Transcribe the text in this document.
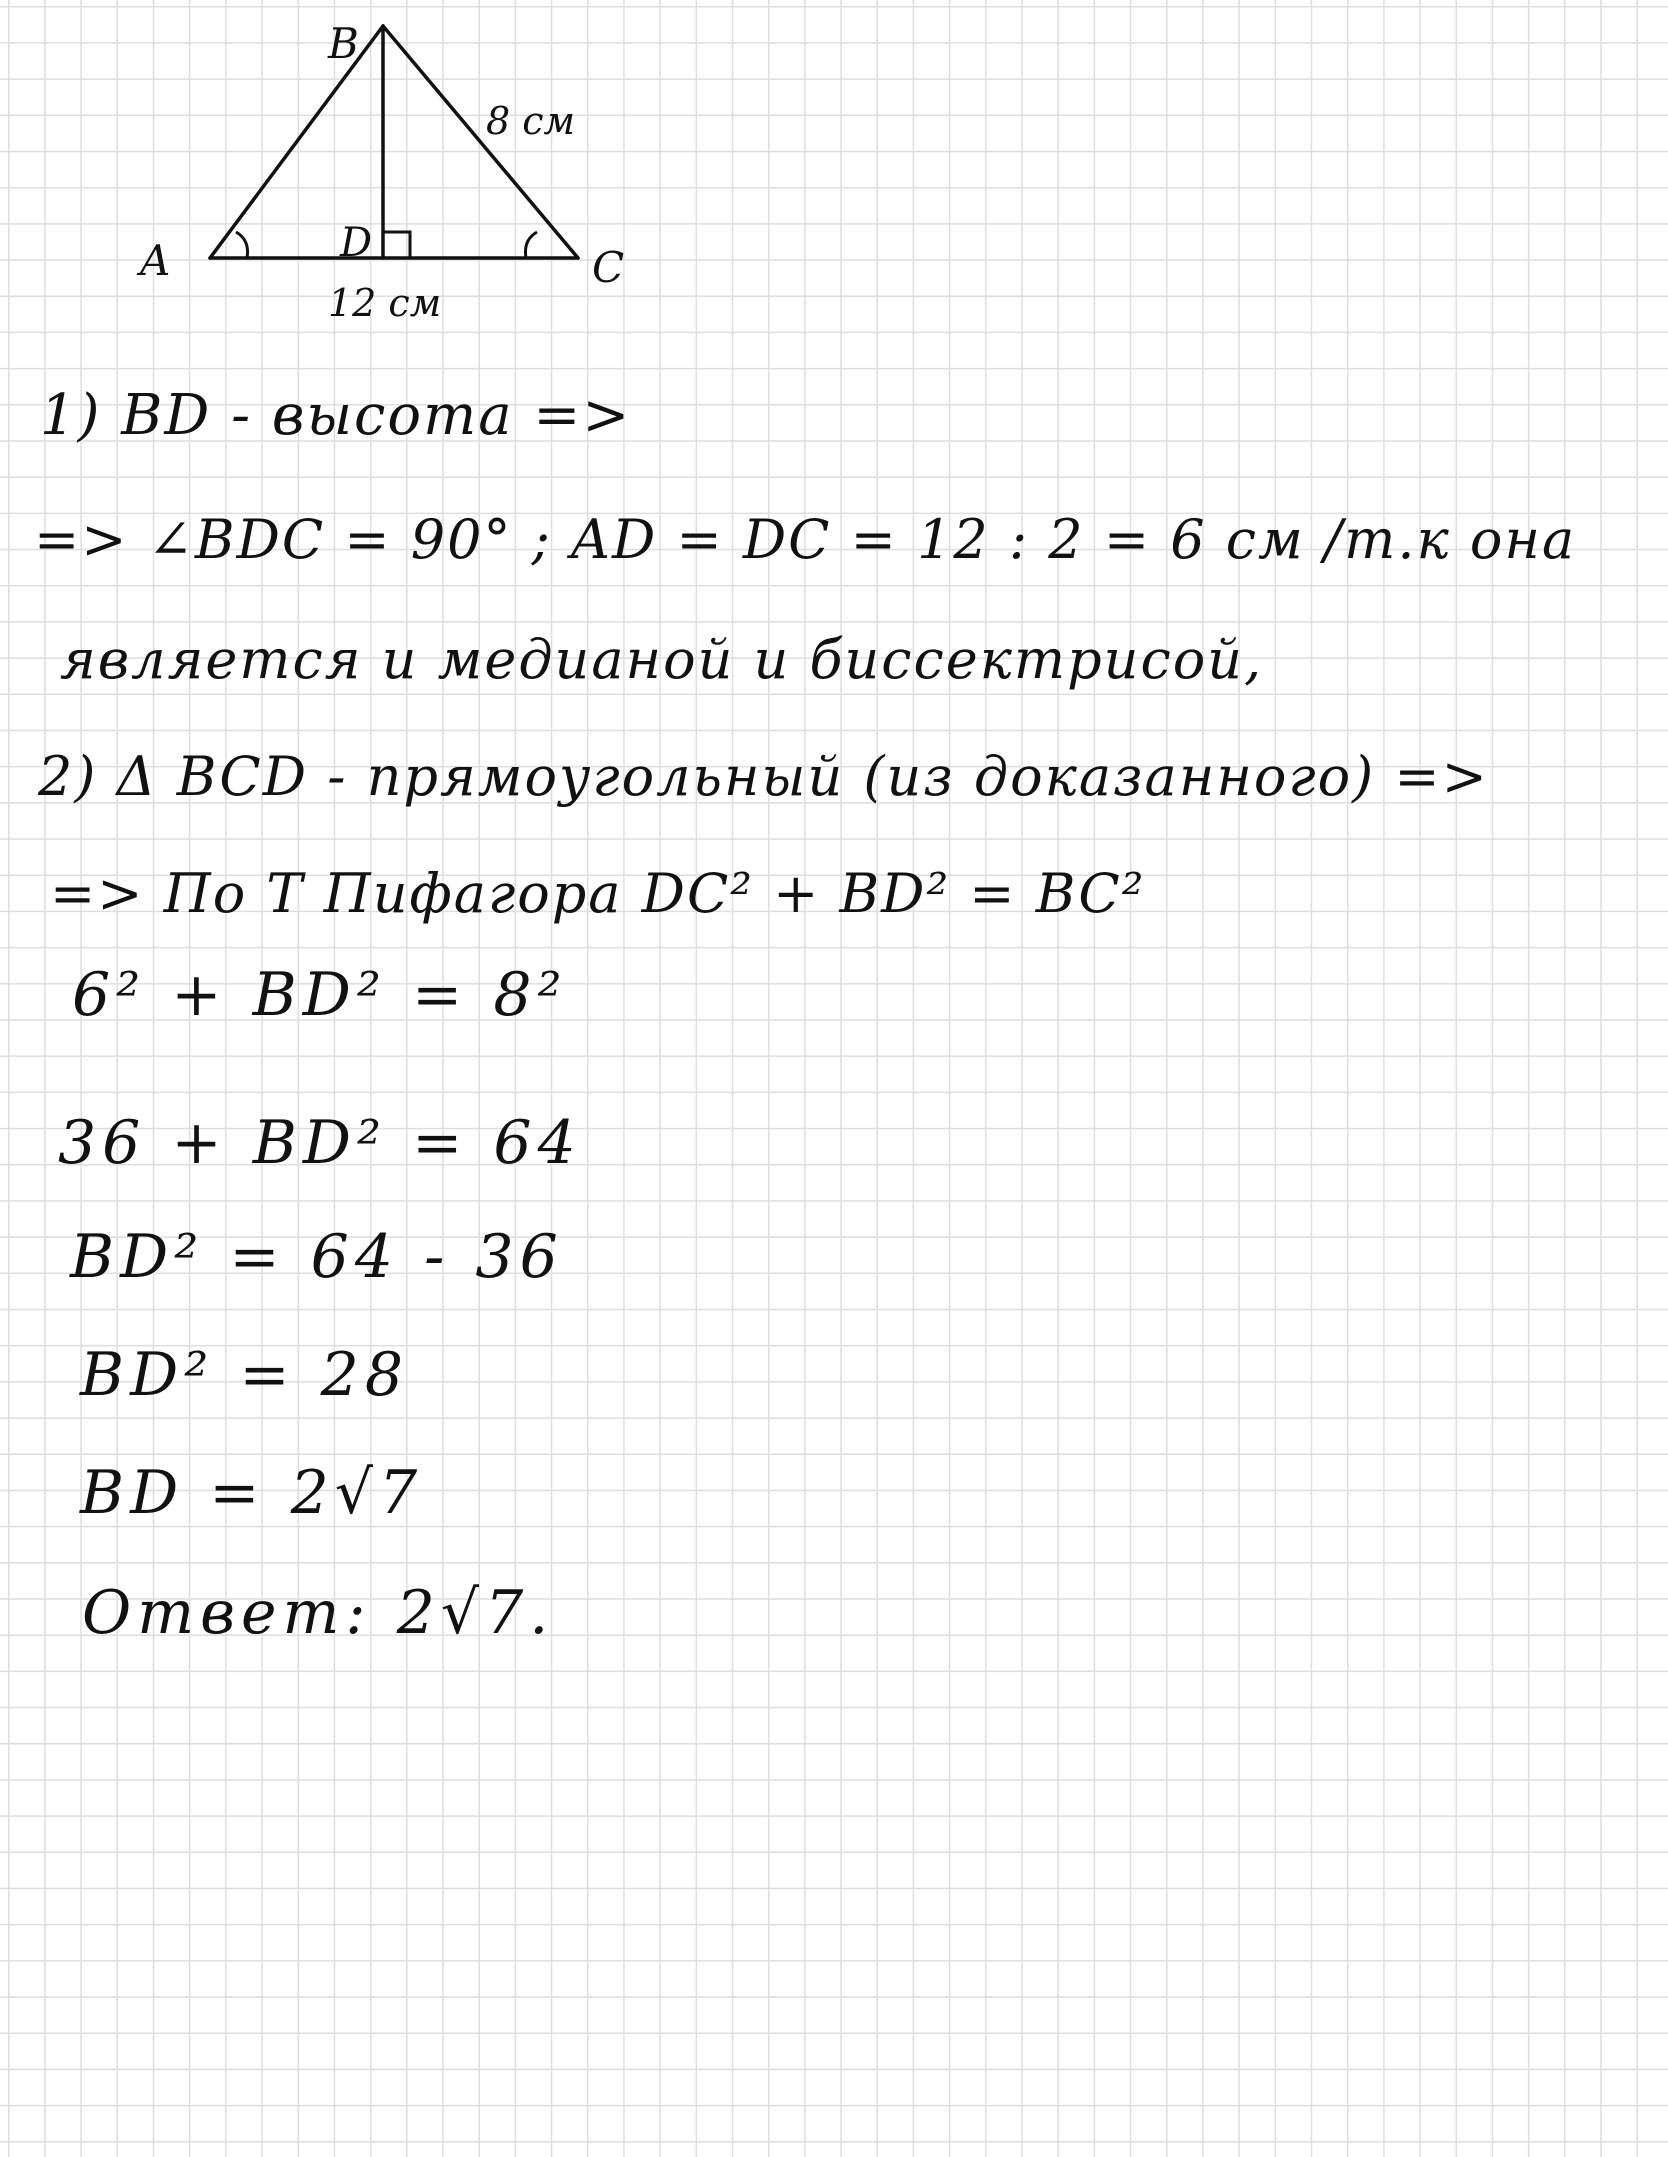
B
A	C
D
8 см
12 см
1) BD - высота =>
=> ∠BDC = 90° ; AD = DC = 12 : 2 = 6 см /т.к она
является и медианой и биссектрисой,
2) Δ BCD - прямоугольный (из доказанного) =>
=> По Т Пифагора DC² + BD² = BC²
6² + BD² = 8²
36 + BD² = 64
BD² = 64 - 36
BD² = 28
BD = 2√7
Ответ: 2√7.
